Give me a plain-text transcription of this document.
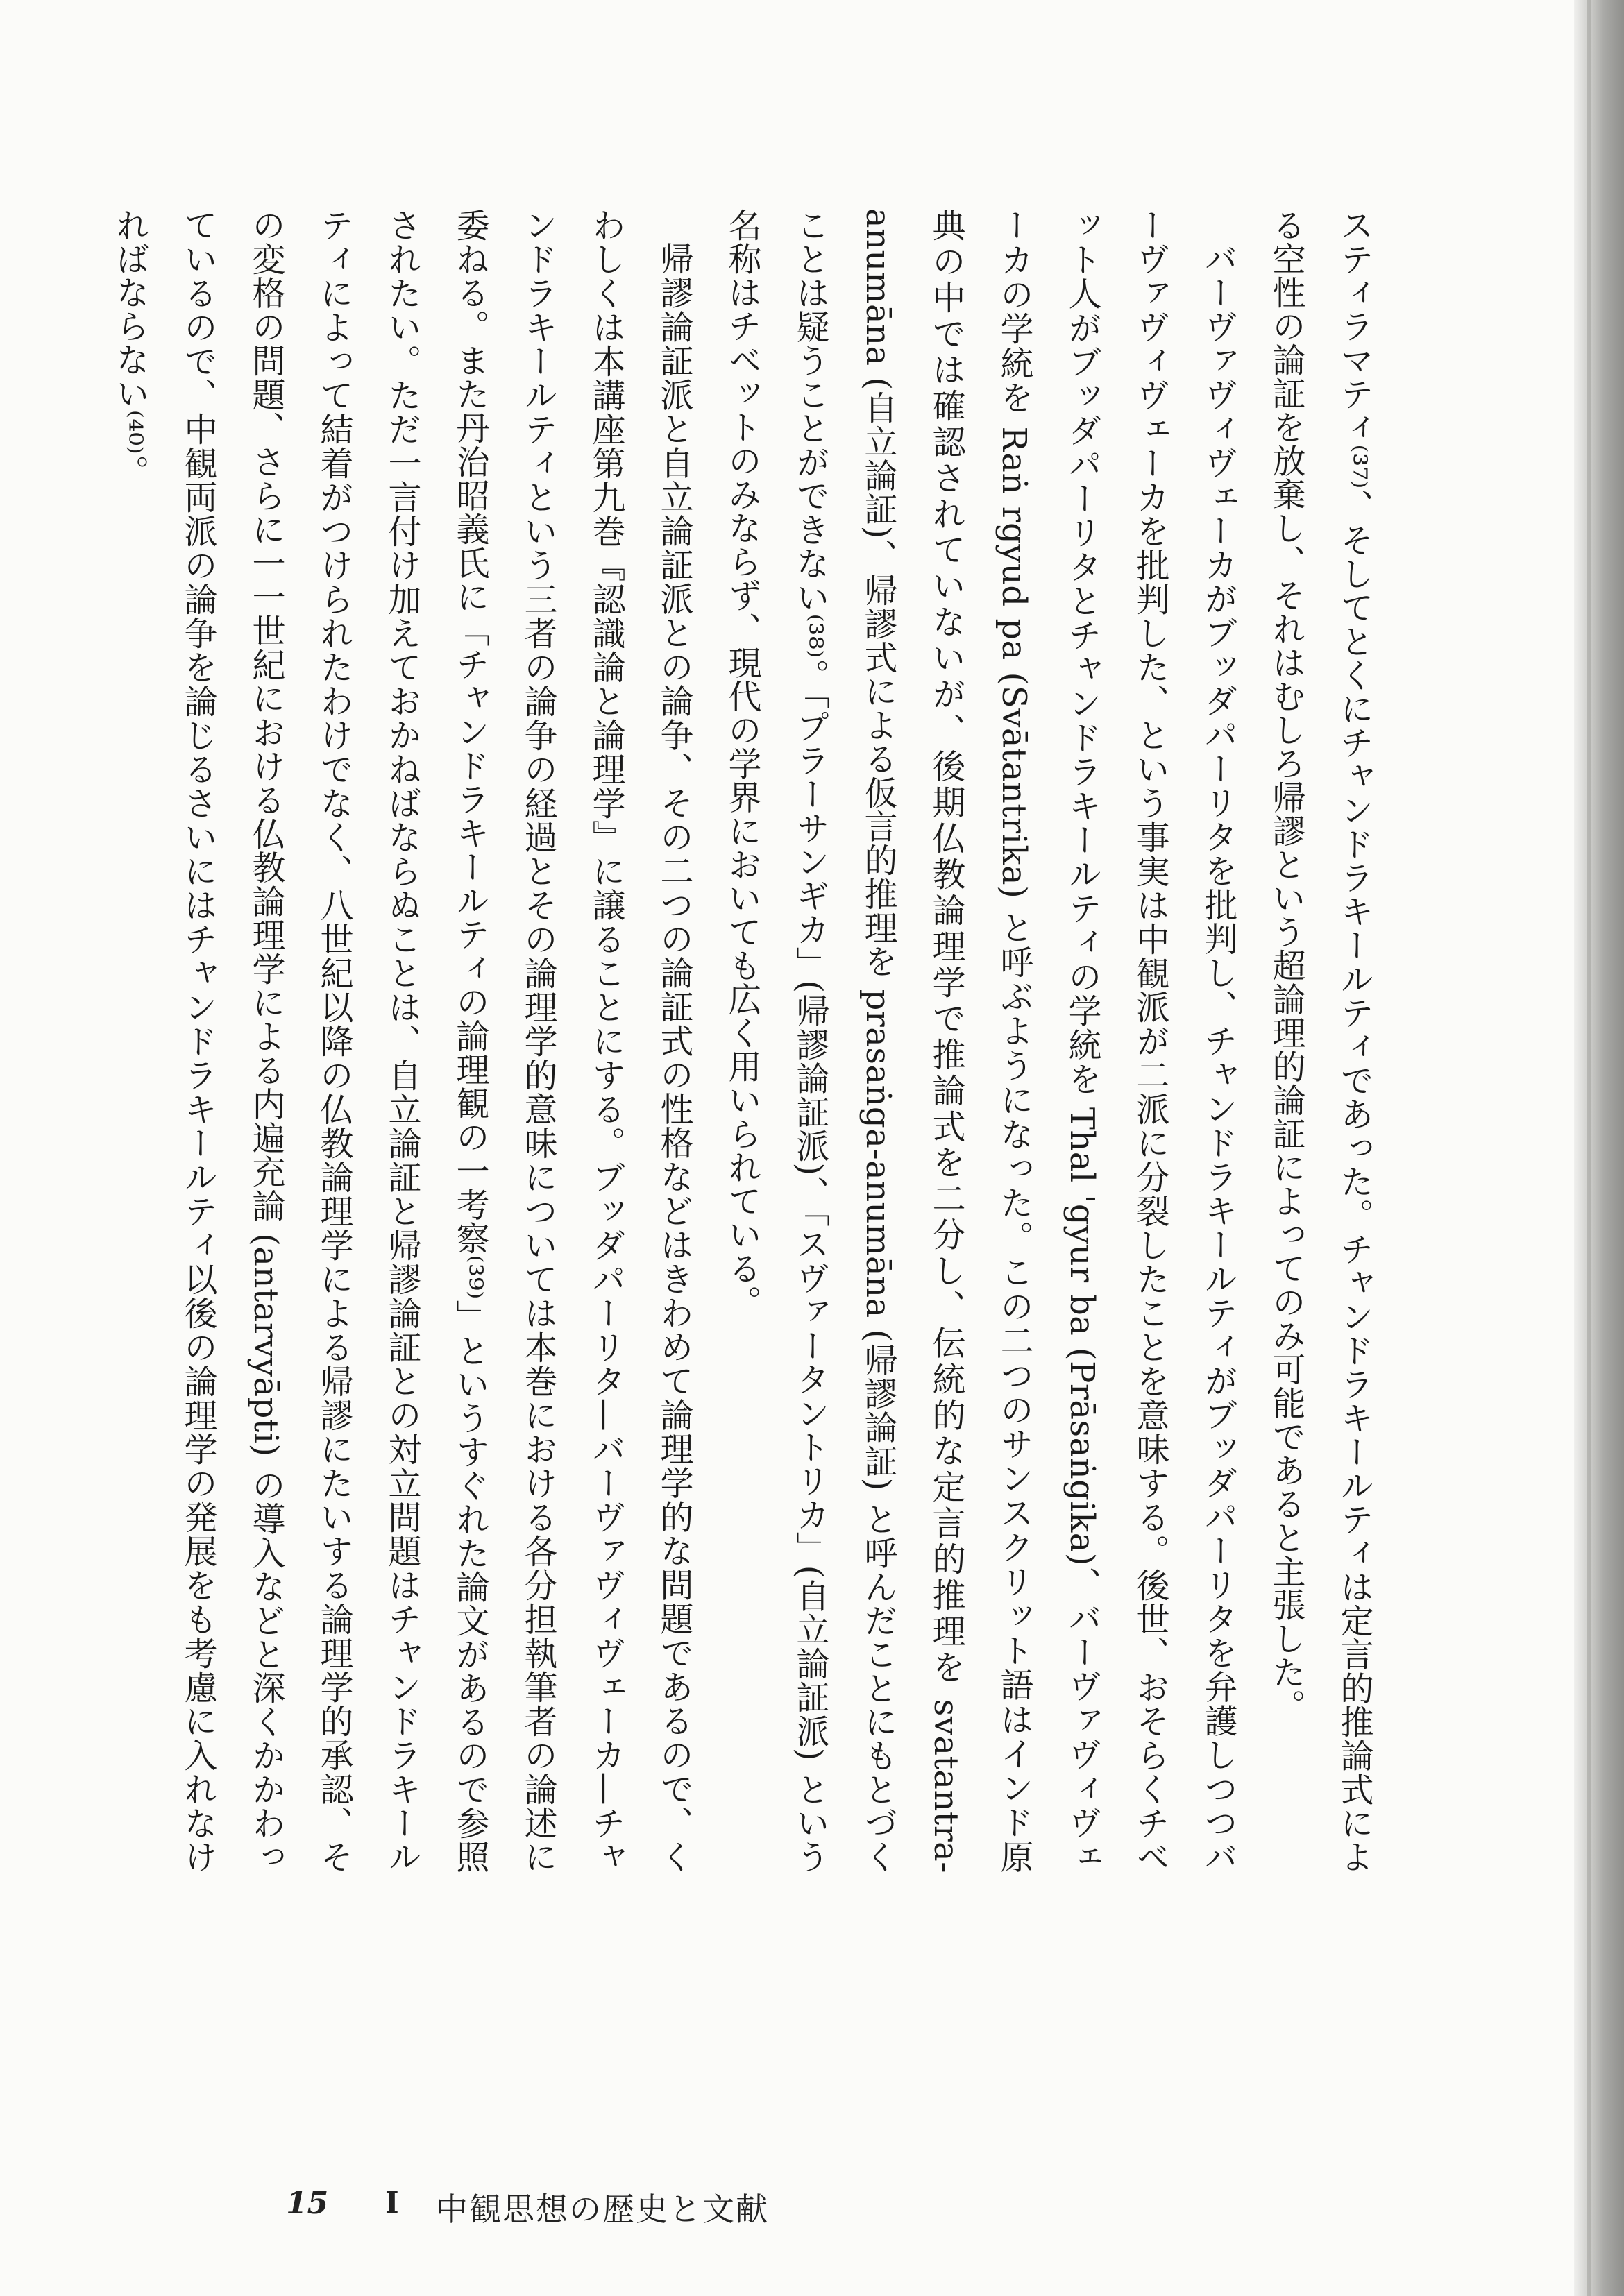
スティラマティ⁽³⁷⁾、そしてとくにチャンドラキールティであった。チャンドラキールティは定言的推論式による空性の論証を放棄し、それはむしろ帰謬という超論理的論証によってのみ可能であると主張した。

バーヴァヴィヴェーカがブッダパーリタを批判し、チャンドラキールティがブッダパーリタを弁護しつつバーヴァヴィヴェーカを批判した、という事実は中観派が二派に分裂したことを意味する。後世、おそらくチベット人がブッダパーリタとチャンドラキールティの学統を Thal 'gyur ba (Prāsaṅgika)、バーヴァヴィヴェーカの学統を Raṅ rgyud pa (Svātantrika) と呼ぶようになった。この二つのサンスクリット語はインド原典の中では確認されていないが、後期仏教論理学で推論式を二分し、伝統的な定言的推理を svatantra-anumāna (自立論証)、帰謬式による仮言的推理を prasaṅga-anumāna (帰謬論証) と呼んだことにもとづくことは疑うことができない⁽³⁸⁾。「プラーサンギカ」(帰謬論証派)、「スヴァータントリカ」(自立論証派) という名称はチベットのみならず、現代の学界においても広く用いられている。

帰謬論証派と自立論証派との論争、その二つの論証式の性格などはきわめて論理学的な問題であるので、くわしくは本講座第九巻『認識論と論理学』に譲ることにする。ブッダパーリタ—バーヴァヴィヴェーカ—チャンドラキールティという三者の論争の経過とその論理学的意味については本巻における各分担執筆者の論述に委ねる。また丹治昭義氏に「チャンドラキールティの論理観の一考察⁽³⁹⁾」というすぐれた論文があるので参照されたい。ただ一言付け加えておかねばならぬことは、自立論証と帰謬論証との対立問題はチャンドラキールティによって結着がつけられたわけでなく、八世紀以降の仏教論理学による帰謬にたいする論理学的承認、その変格の問題、さらに一一世紀における仏教論理学による内遍充論 (antarvyāpti) の導入などと深くかかわっているので、中観両派の論争を論じるさいにはチャンドラキールティ以後の論理学の発展をも考慮に入れなければならない⁽⁴⁰⁾。

15 I 中観思想の歴史と文献
